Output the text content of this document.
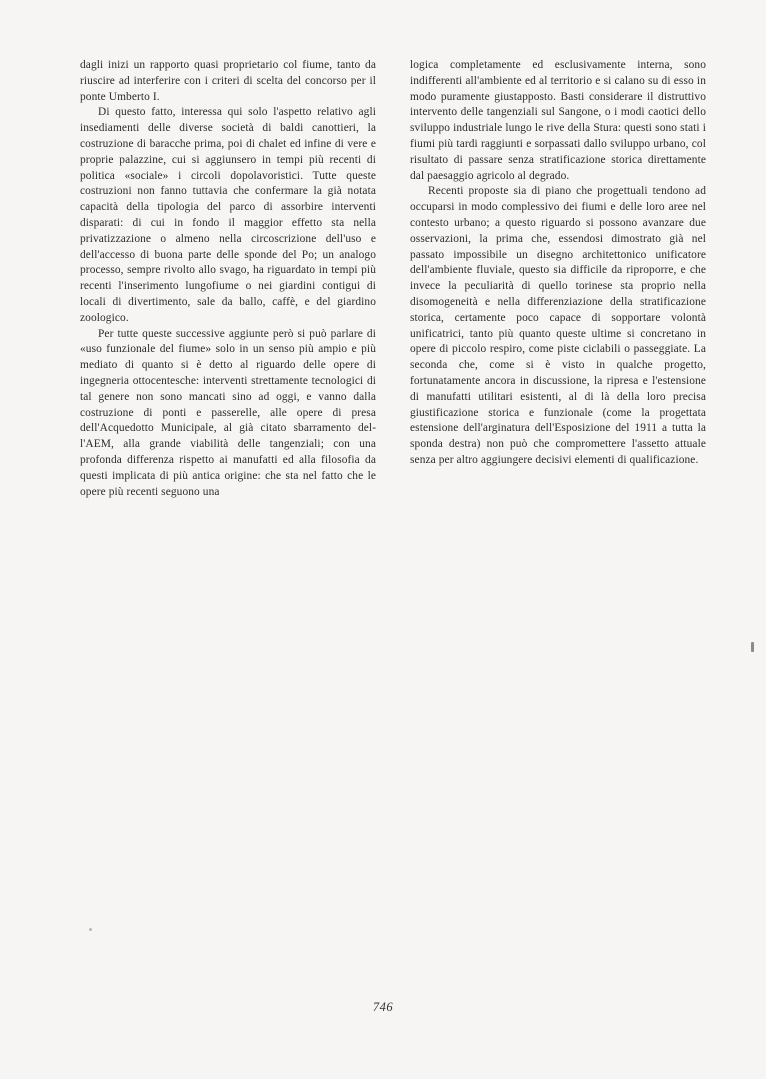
dagli inizi un rapporto quasi proprietario col fiume, tanto da riuscire ad interferire con i criteri di scelta del concorso per il ponte Umberto I.

Di questo fatto, interessa qui solo l'aspetto relativo agli insediamenti delle diverse società di baldi canottieri, la costruzione di baracche prima, poi di chalet ed infine di vere e proprie palazzine, cui si aggiunsero in tempi più recenti di politica «sociale» i circoli dopolavoristici. Tutte queste costruzioni non fanno tuttavia che confermare la già notata capacità della tipologia del parco di assorbire interventi disparati: di cui in fondo il maggior effetto sta nella privatizzazione o almeno nella circoscrizione dell'uso e dell'accesso di buona parte delle sponde del Po; un analogo processo, sempre rivolto allo svago, ha riguardato in tempi più recenti l'inserimento lungofiume o nei giardini contigui di locali di divertimento, sale da ballo, caffè, e del giardino zoologico.

Per tutte queste successive aggiunte però si può parlare di «uso funzionale del fiume» solo in un senso più ampio e più mediato di quanto si è detto al riguardo delle opere di ingegneria ottocentesche: interventi strettamente tecnologici di tal genere non sono mancati sino ad oggi, e vanno dalla costruzione di ponti e passerelle, alle opere di presa dell'Acquedotto Municipale, al già citato sbarramento dell'AEM, alla grande viabilità delle tangenziali; con una profonda differenza rispetto ai manufatti ed alla filosofia da questi implicata di più antica origine: che sta nel fatto che le opere più recenti seguono una

logica completamente ed esclusivamente interna, sono indifferenti all'ambiente ed al territorio e si calano su di esso in modo puramente giustapposto. Basti considerare il distruttivo intervento delle tangenziali sul Sangone, o i modi caotici dello sviluppo industriale lungo le rive della Stura: questi sono stati i fiumi più tardi raggiunti e sorpassati dallo sviluppo urbano, col risultato di passare senza stratificazione storica direttamente dal paesaggio agricolo al degrado.

Recenti proposte sia di piano che progettuali tendono ad occuparsi in modo complessivo dei fiumi e delle loro aree nel contesto urbano; a questo riguardo si possono avanzare due osservazioni, la prima che, essendosi dimostrato già nel passato impossibile un disegno architettonico unificatore dell'ambiente fluviale, questo sia difficile da riproporre, e che invece la peculiarità di quello torinese sta proprio nella disomogeneità e nella differenziazione della stratificazione storica, certamente poco capace di sopportare volontà unificatrici, tanto più quanto queste ultime si concretano in opere di piccolo respiro, come piste ciclabili o passeggiate. La seconda che, come si è visto in qualche progetto, fortunatamente ancora in discussione, la ripresa e l'estensione di manufatti utilitari esistenti, al di là della loro precisa giustificazione storica e funzionale (come la progettata estensione dell'arginatura dell'Esposizione del 1911 a tutta la sponda destra) non può che compromettere l'assetto attuale senza per altro aggiungere decisivi elementi di qualificazione.

746
